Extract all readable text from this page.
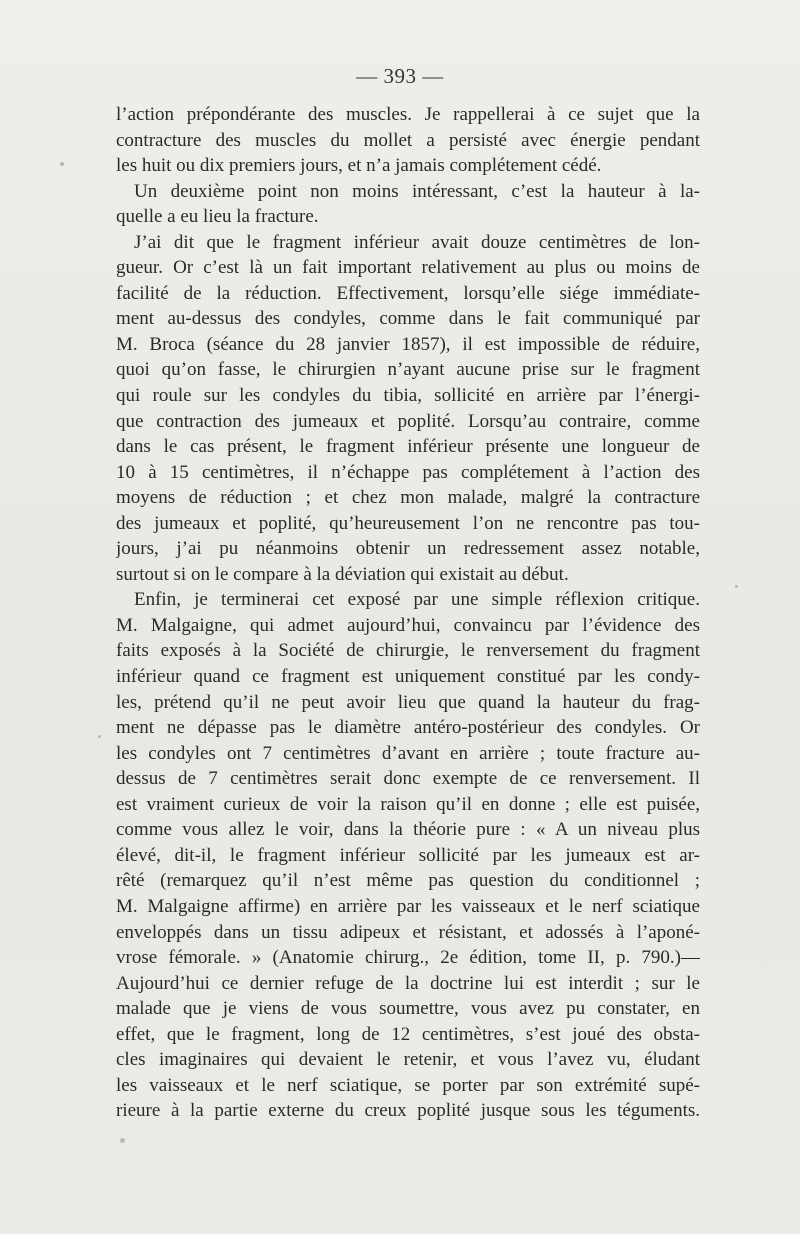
— 393 —
l’action prépondérante des muscles. Je rappellerai à ce sujet que la
contracture des muscles du mollet a persisté avec énergie pendant
les huit ou dix premiers jours, et n’a jamais complétement cédé.
Un deuxième point non moins intéressant, c’est la hauteur à la-
quelle a eu lieu la fracture.
J’ai dit que le fragment inférieur avait douze centimètres de lon-
gueur. Or c’est là un fait important relativement au plus ou moins de
facilité de la réduction. Effectivement, lorsqu’elle siége immédiate-
ment au-dessus des condyles, comme dans le fait communiqué par
M. Broca (séance du 28 janvier 1857), il est impossible de réduire,
quoi qu’on fasse, le chirurgien n’ayant aucune prise sur le fragment
qui roule sur les condyles du tibia, sollicité en arrière par l’énergi-
que contraction des jumeaux et poplité. Lorsqu’au contraire, comme
dans le cas présent, le fragment inférieur présente une longueur de
10 à 15 centimètres, il n’échappe pas complétement à l’action des
moyens de réduction ; et chez mon malade, malgré la contracture
des jumeaux et poplité, qu’heureusement l’on ne rencontre pas tou-
jours, j’ai pu néanmoins obtenir un redressement assez notable,
surtout si on le compare à la déviation qui existait au début.
Enfin, je terminerai cet exposé par une simple réflexion critique.
M. Malgaigne, qui admet aujourd’hui, convaincu par l’évidence des
faits exposés à la Société de chirurgie, le renversement du fragment
inférieur quand ce fragment est uniquement constitué par les condy-
les, prétend qu’il ne peut avoir lieu que quand la hauteur du frag-
ment ne dépasse pas le diamètre antéro-postérieur des condyles. Or
les condyles ont 7 centimètres d’avant en arrière ; toute fracture au-
dessus de 7 centimètres serait donc exempte de ce renversement. Il
est vraiment curieux de voir la raison qu’il en donne ; elle est puisée,
comme vous allez le voir, dans la théorie pure : « A un niveau plus
élevé, dit-il, le fragment inférieur sollicité par les jumeaux est ar-
rêté (remarquez qu’il n’est même pas question du conditionnel ;
M. Malgaigne affirme) en arrière par les vaisseaux et le nerf sciatique
enveloppés dans un tissu adipeux et résistant, et adossés à l’aponé-
vrose fémorale. » (Anatomie chirurg., 2e édition, tome II, p. 790.)—
Aujourd’hui ce dernier refuge de la doctrine lui est interdit ; sur le
malade que je viens de vous soumettre, vous avez pu constater, en
effet, que le fragment, long de 12 centimètres, s’est joué des obsta-
cles imaginaires qui devaient le retenir, et vous l’avez vu, éludant
les vaisseaux et le nerf sciatique, se porter par son extrémité supé-
rieure à la partie externe du creux poplité jusque sous les téguments.
